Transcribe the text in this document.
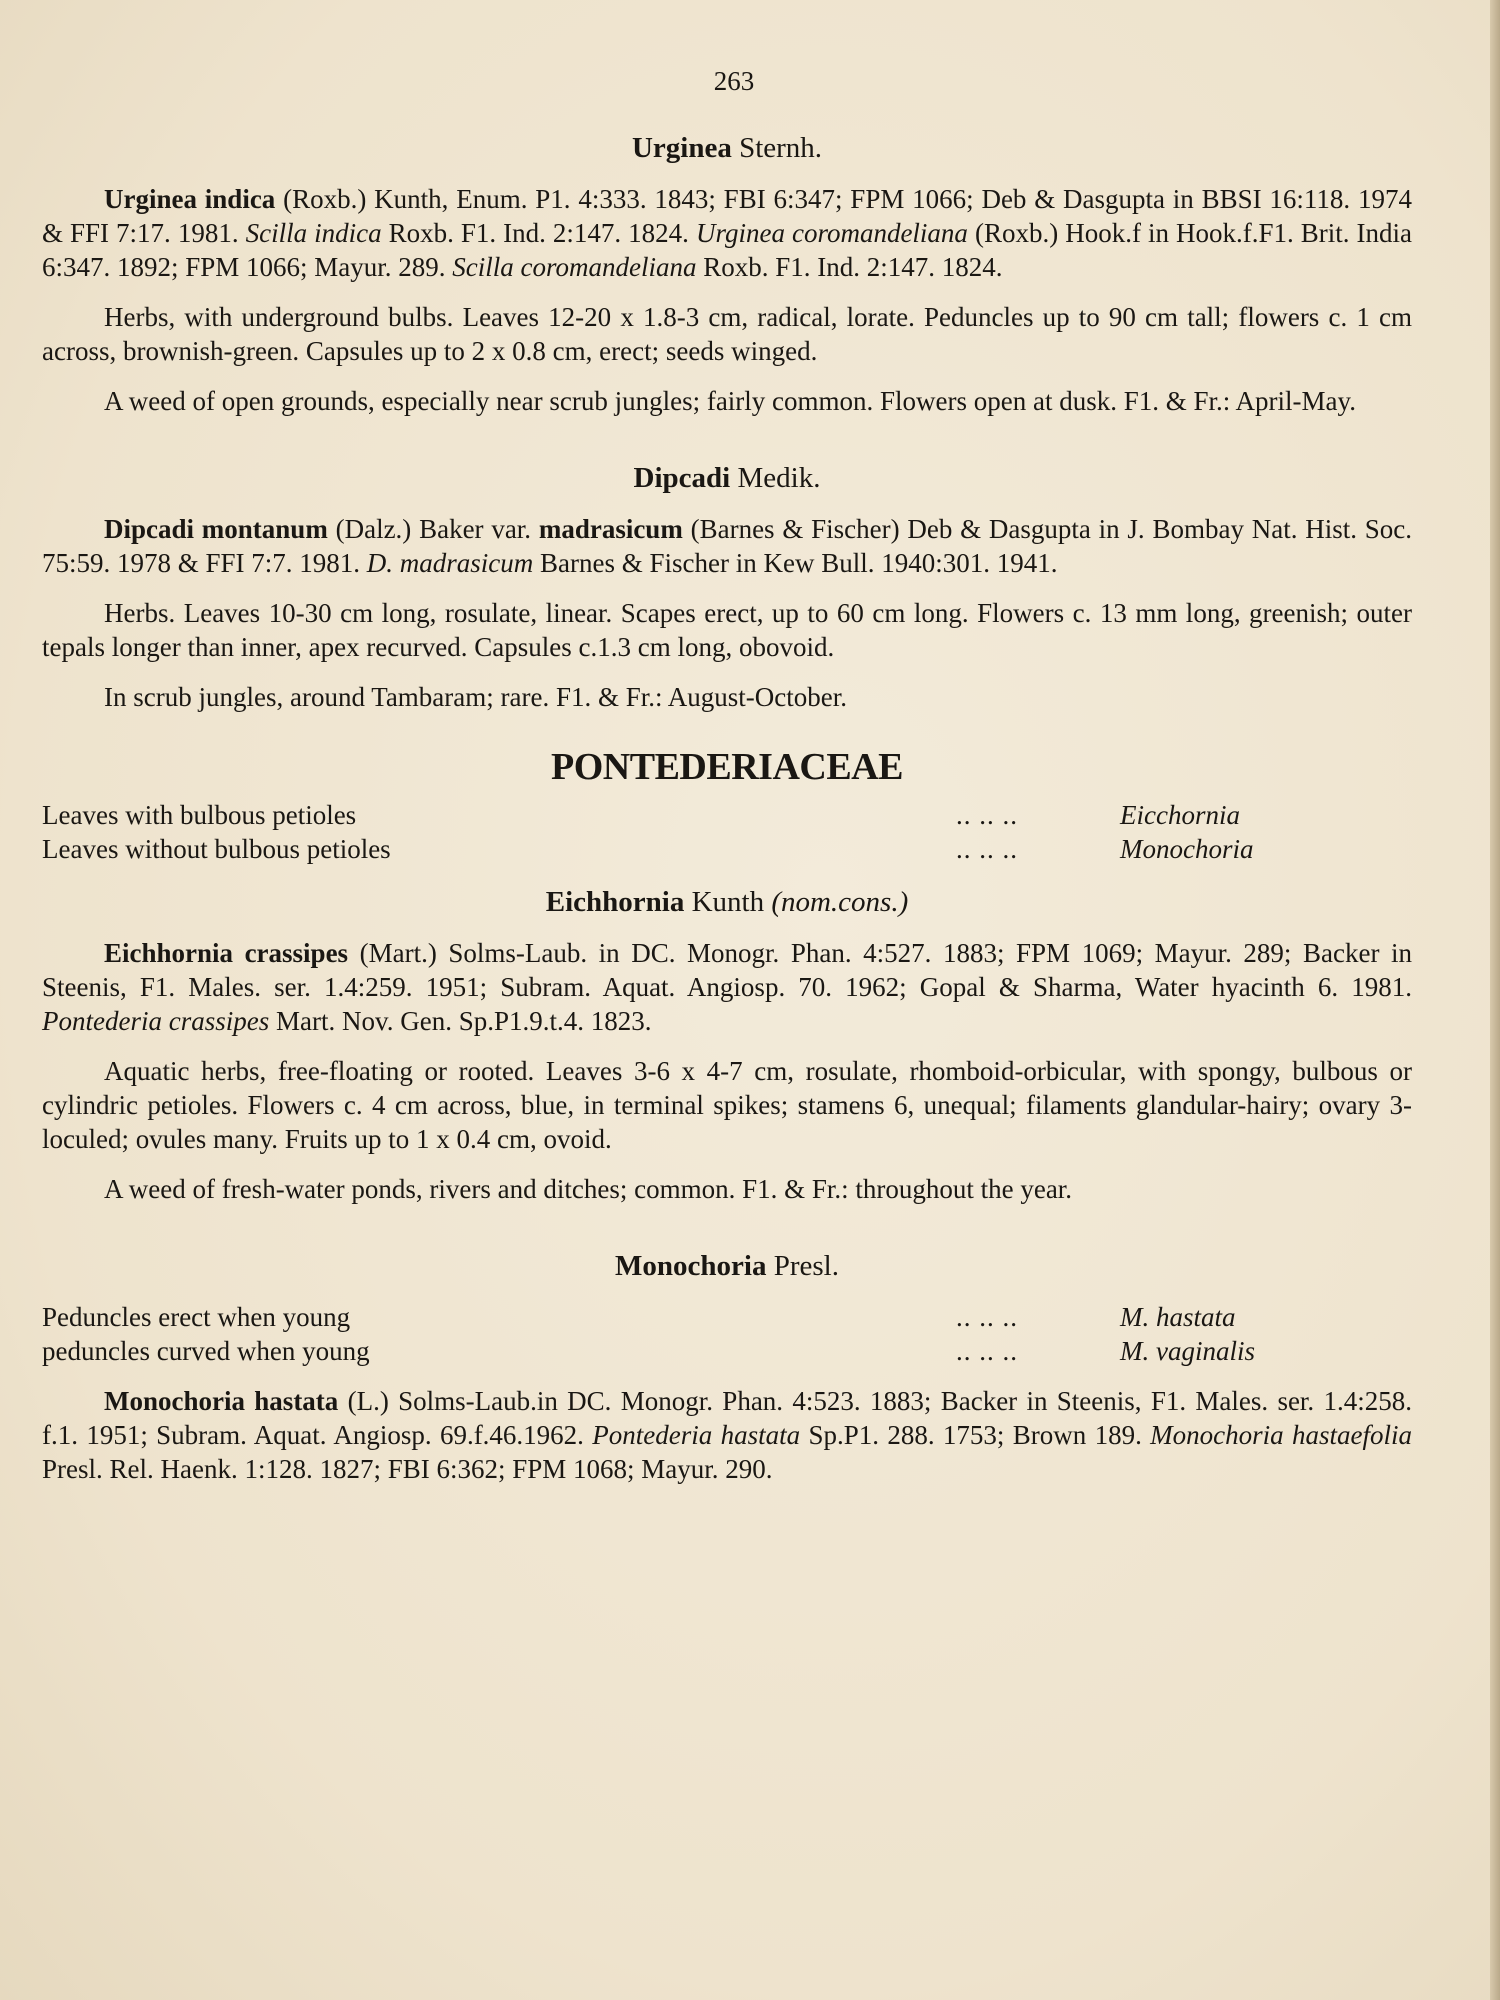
263
Urginea Sternh.

Urginea indica (Roxb.) Kunth, Enum. P1. 4:333. 1843; FBI 6:347; FPM 1066; Deb & Dasgupta in BBSI 16:118. 1974 & FFI 7:17. 1981. Scilla indica Roxb. F1. Ind. 2:147. 1824. Urginea coromandeliana (Roxb.) Hook.f in Hook.f.F1. Brit. India 6:347. 1892; FPM 1066; Mayur. 289. Scilla coromandeliana Roxb. F1. Ind. 2:147. 1824.

Herbs, with underground bulbs. Leaves 12-20 x 1.8-3 cm, radical, lorate. Peduncles up to 90 cm tall; flowers c. 1 cm across, brownish-green. Capsules up to 2 x 0.8 cm, erect; seeds winged.

A weed of open grounds, especially near scrub jungles; fairly common. Flowers open at dusk. F1. & Fr.: April-May.

Dipcadi Medik.

Dipcadi montanum (Dalz.) Baker var. madrasicum (Barnes & Fischer) Deb & Dasgupta in J. Bombay Nat. Hist. Soc. 75:59. 1978 & FFI 7:7. 1981. D. madrasicum Barnes & Fischer in Kew Bull. 1940:301. 1941.

Herbs. Leaves 10-30 cm long, rosulate, linear. Scapes erect, up to 60 cm long. Flowers c. 13 mm long, greenish; outer tepals longer than inner, apex recurved. Capsules c.1.3 cm long, obovoid.

In scrub jungles, around Tambaram; rare. F1. & Fr.: August-October.

PONTEDERIACEAE
Leaves with bulbous petioles	.. .. ..	Eicchornia
Leaves without bulbous petioles	.. .. ..	Monochoria
Eichhornia Kunth (nom.cons.)

Eichhornia crassipes (Mart.) Solms-Laub. in DC. Monogr. Phan. 4:527. 1883; FPM 1069; Mayur. 289; Backer in Steenis, F1. Males. ser. 1.4:259. 1951; Subram. Aquat. Angiosp. 70. 1962; Gopal & Sharma, Water hyacinth 6. 1981. Pontederia crassipes Mart. Nov. Gen. Sp.P1.9.t.4. 1823.

Aquatic herbs, free-floating or rooted. Leaves 3-6 x 4-7 cm, rosulate, rhomboid-orbicular, with spongy, bulbous or cylindric petioles. Flowers c. 4 cm across, blue, in terminal spikes; stamens 6, unequal; filaments glandular-hairy; ovary 3-loculed; ovules many. Fruits up to 1 x 0.4 cm, ovoid.

A weed of fresh-water ponds, rivers and ditches; common. F1. & Fr.: throughout the year.

Monochoria Presl.
Peduncles erect when young	.. .. ..	M. hastata
peduncles curved when young	.. .. ..	M. vaginalis

Monochoria hastata (L.) Solms-Laub.in DC. Monogr. Phan. 4:523. 1883; Backer in Steenis, F1. Males. ser. 1.4:258. f.1. 1951; Subram. Aquat. Angiosp. 69.f.46.1962. Pontederia hastata Sp.P1. 288. 1753; Brown 189. Monochoria hastaefolia Presl. Rel. Haenk. 1:128. 1827; FBI 6:362; FPM 1068; Mayur. 290.
